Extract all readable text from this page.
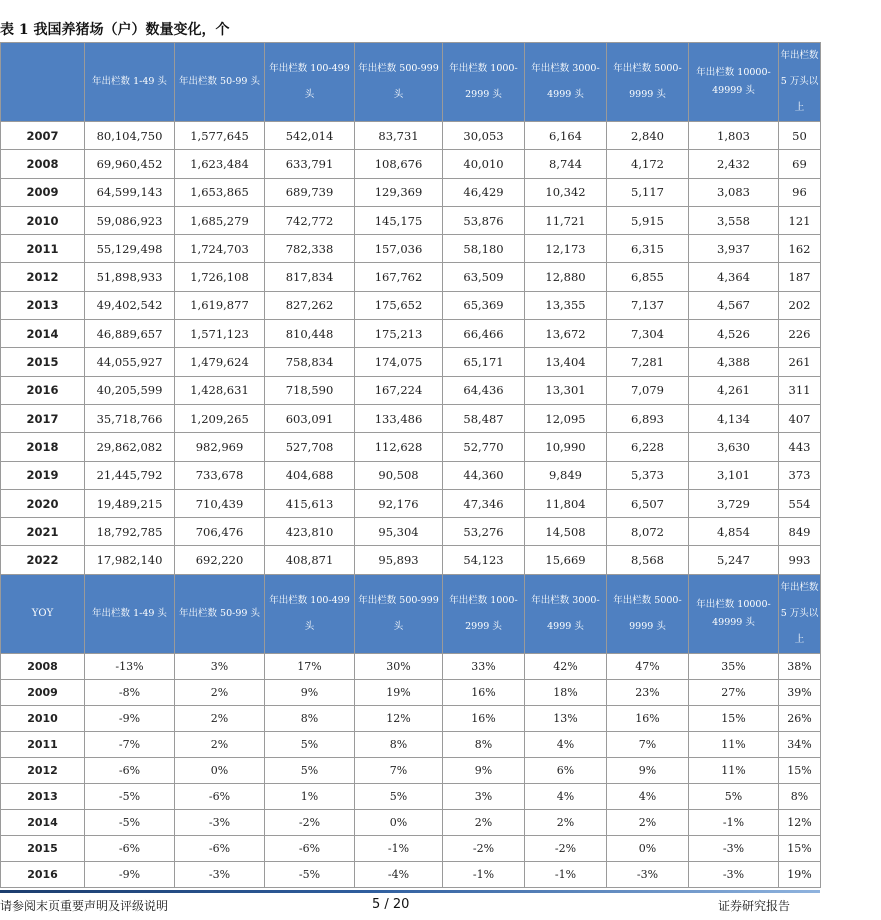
表 1 我国养猪场（户）数量变化，个
	年出栏数 1-49 头	年出栏数 50-99 头	年出栏数 100-499 头	年出栏数 500-999 头	年出栏数 1000-2999 头	年出栏数 3000-4999 头	年出栏数 5000-9999 头	年出栏数 10000-49999 头	年出栏数 5 万头以上
2007	80,104,750	1,577,645	542,014	83,731	30,053	6,164	2,840	1,803	50
2008	69,960,452	1,623,484	633,791	108,676	40,010	8,744	4,172	2,432	69
2009	64,599,143	1,653,865	689,739	129,369	46,429	10,342	5,117	3,083	96
2010	59,086,923	1,685,279	742,772	145,175	53,876	11,721	5,915	3,558	121
2011	55,129,498	1,724,703	782,338	157,036	58,180	12,173	6,315	3,937	162
2012	51,898,933	1,726,108	817,834	167,762	63,509	12,880	6,855	4,364	187
2013	49,402,542	1,619,877	827,262	175,652	65,369	13,355	7,137	4,567	202
2014	46,889,657	1,571,123	810,448	175,213	66,466	13,672	7,304	4,526	226
2015	44,055,927	1,479,624	758,834	174,075	65,171	13,404	7,281	4,388	261
2016	40,205,599	1,428,631	718,590	167,224	64,436	13,301	7,079	4,261	311
2017	35,718,766	1,209,265	603,091	133,486	58,487	12,095	6,893	4,134	407
2018	29,862,082	982,969	527,708	112,628	52,770	10,990	6,228	3,630	443
2019	21,445,792	733,678	404,688	90,508	44,360	9,849	5,373	3,101	373
2020	19,489,215	710,439	415,613	92,176	47,346	11,804	6,507	3,729	554
2021	18,792,785	706,476	423,810	95,304	53,276	14,508	8,072	4,854	849
2022	17,982,140	692,220	408,871	95,893	54,123	15,669	8,568	5,247	993
YOY	年出栏数 1-49 头	年出栏数 50-99 头	年出栏数 100-499 头	年出栏数 500-999 头	年出栏数 1000-2999 头	年出栏数 3000-4999 头	年出栏数 5000-9999 头	年出栏数 10000-49999 头	年出栏数 5 万头以上
2008	-13%	3%	17%	30%	33%	42%	47%	35%	38%
2009	-8%	2%	9%	19%	16%	18%	23%	27%	39%
2010	-9%	2%	8%	12%	16%	13%	16%	15%	26%
2011	-7%	2%	5%	8%	8%	4%	7%	11%	34%
2012	-6%	0%	5%	7%	9%	6%	9%	11%	15%
2013	-5%	-6%	1%	5%	3%	4%	4%	5%	8%
2014	-5%	-3%	-2%	0%	2%	2%	2%	-1%	12%
2015	-6%	-6%	-6%	-1%	-2%	-2%	0%	-3%	15%
2016	-9%	-3%	-5%	-4%	-1%	-1%	-3%	-3%	19%
请参阅末页重要声明及评级说明	5 / 20	证券研究报告
